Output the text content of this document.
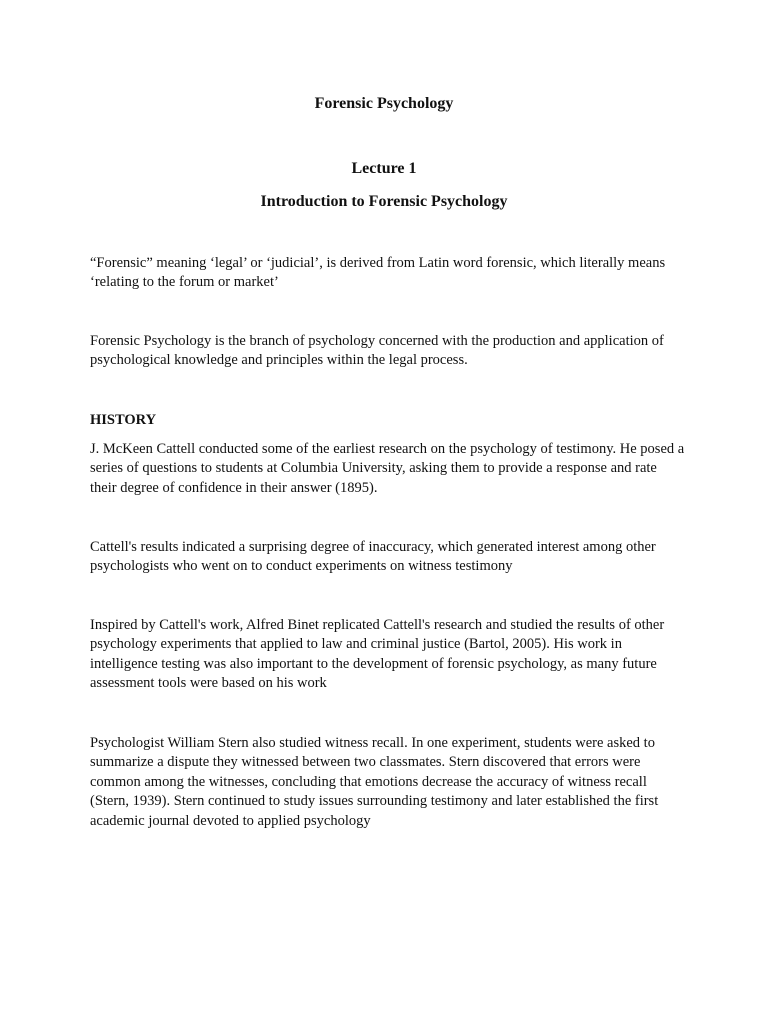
Forensic Psychology
Lecture 1
Introduction to Forensic Psychology

“Forensic” meaning ‘legal’ or ‘judicial’, is derived from Latin word forensic, which literally means ‘relating to the forum or market’

Forensic Psychology is the branch of psychology concerned with the production and application of psychological knowledge and principles within the legal process.

HISTORY

J. McKeen Cattell conducted some of the earliest research on the psychology of testimony. He posed a series of questions to students at Columbia University, asking them to provide a response and rate their degree of confidence in their answer (1895).

Cattell's results indicated a surprising degree of inaccuracy, which generated interest among other psychologists who went on to conduct experiments on witness testimony

Inspired by Cattell's work, Alfred Binet replicated Cattell's research and studied the results of other psychology experiments that applied to law and criminal justice (Bartol, 2005). His work in intelligence testing was also important to the development of forensic psychology, as many future assessment tools were based on his work

Psychologist William Stern also studied witness recall. In one experiment, students were asked to summarize a dispute they witnessed between two classmates. Stern discovered that errors were common among the witnesses, concluding that emotions decrease the accuracy of witness recall (Stern, 1939). Stern continued to study issues surrounding testimony and later established the first academic journal devoted to applied psychology
